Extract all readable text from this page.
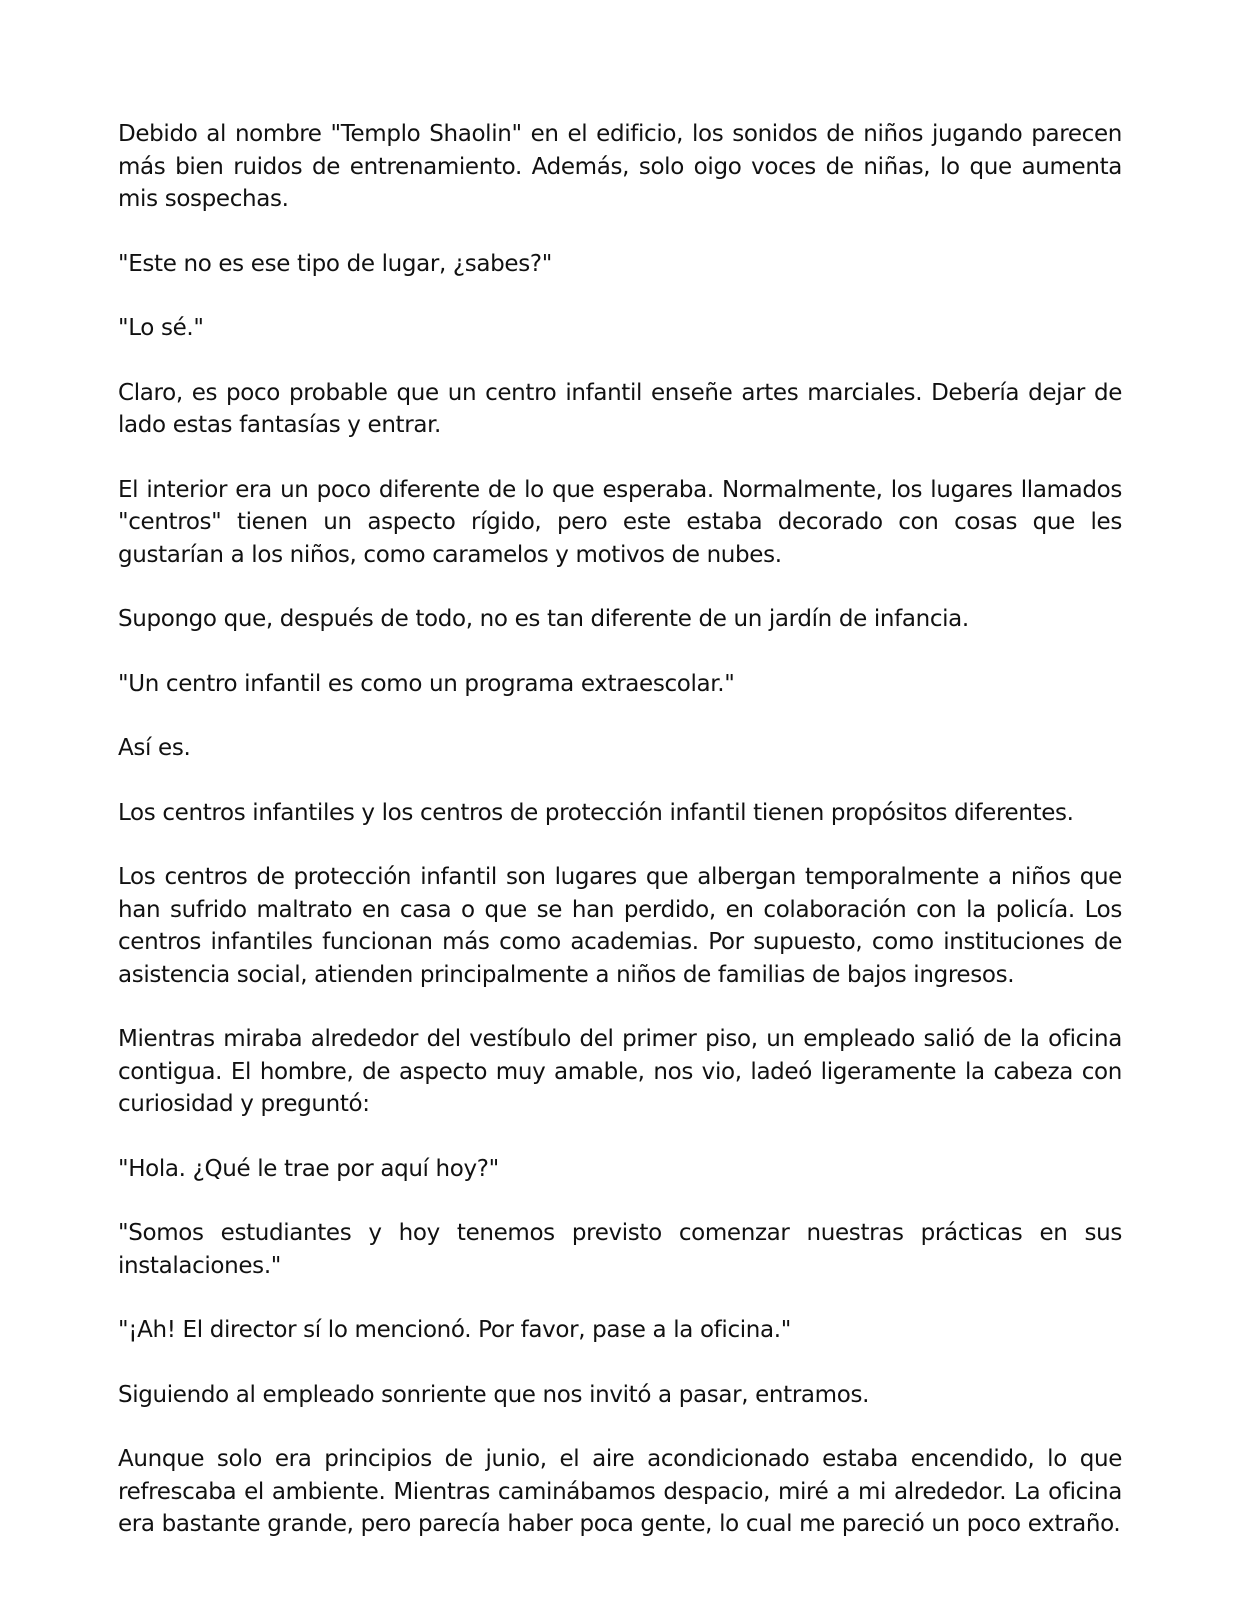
Debido al nombre "Templo Shaolin" en el edificio, los sonidos de niños jugando parecen más bien ruidos de entrenamiento. Además, solo oigo voces de niñas, lo que aumenta mis sospechas.

"Este no es ese tipo de lugar, ¿sabes?"

"Lo sé."

Claro, es poco probable que un centro infantil enseñe artes marciales. Debería dejar de lado estas fantasías y entrar.

El interior era un poco diferente de lo que esperaba. Normalmente, los lugares llamados "centros" tienen un aspecto rígido, pero este estaba decorado con cosas que les gustarían a los niños, como caramelos y motivos de nubes.

Supongo que, después de todo, no es tan diferente de un jardín de infancia.

"Un centro infantil es como un programa extraescolar."

Así es.

Los centros infantiles y los centros de protección infantil tienen propósitos diferentes.

Los centros de protección infantil son lugares que albergan temporalmente a niños que han sufrido maltrato en casa o que se han perdido, en colaboración con la policía. Los centros infantiles funcionan más como academias. Por supuesto, como instituciones de asistencia social, atienden principalmente a niños de familias de bajos ingresos.

Mientras miraba alrededor del vestíbulo del primer piso, un empleado salió de la oficina contigua. El hombre, de aspecto muy amable, nos vio, ladeó ligeramente la cabeza con curiosidad y preguntó:

"Hola. ¿Qué le trae por aquí hoy?"

"Somos estudiantes y hoy tenemos previsto comenzar nuestras prácticas en sus instalaciones."

"¡Ah! El director sí lo mencionó. Por favor, pase a la oficina."

Siguiendo al empleado sonriente que nos invitó a pasar, entramos.

Aunque solo era principios de junio, el aire acondicionado estaba encendido, lo que refrescaba el ambiente. Mientras caminábamos despacio, miré a mi alrededor. La oficina era bastante grande, pero parecía haber poca gente, lo cual me pareció un poco extraño.
